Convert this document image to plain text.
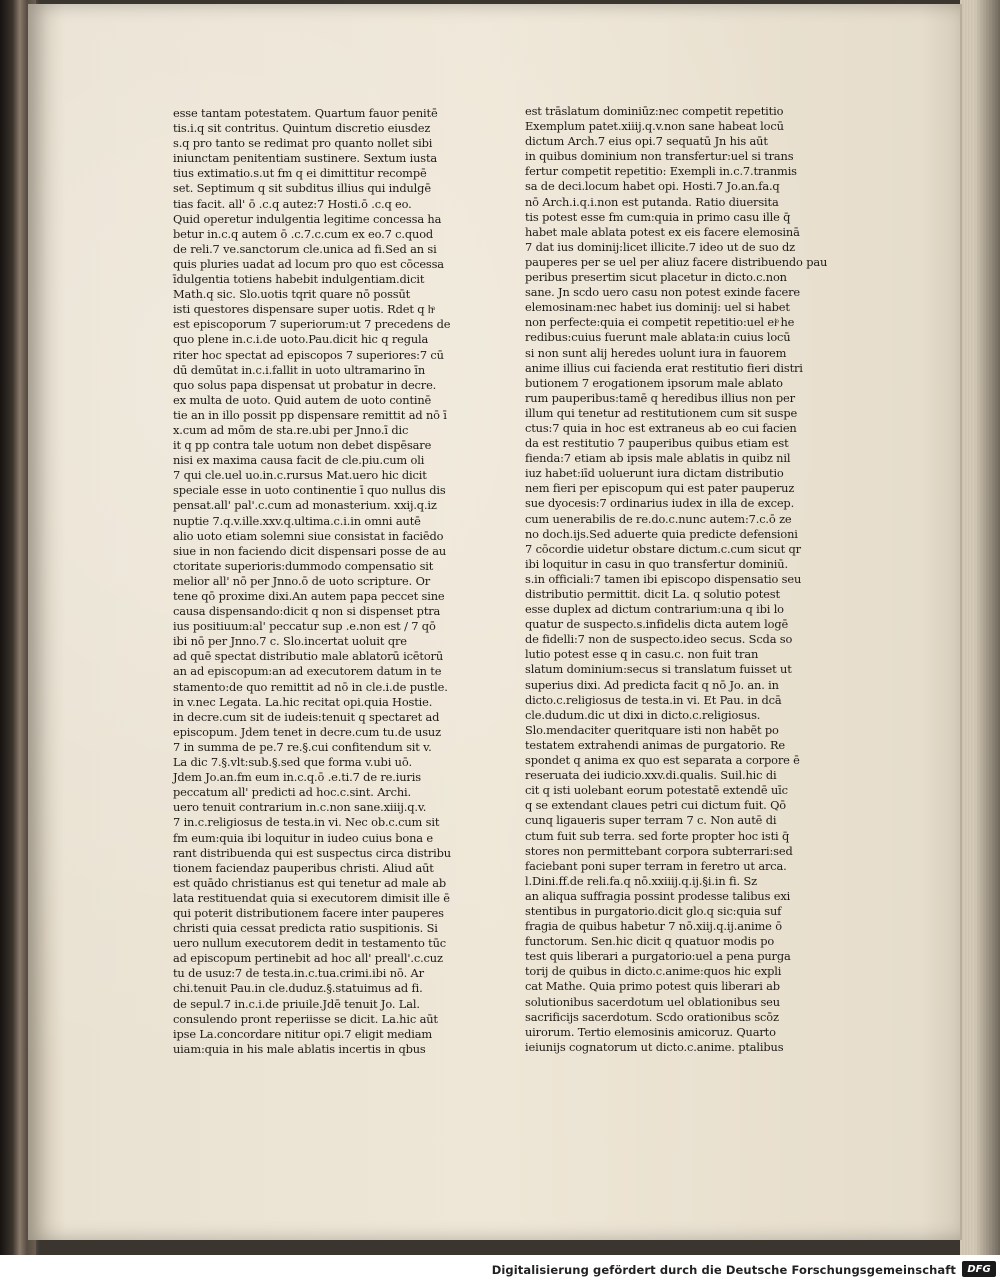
esse tantam potestatem. Quartum fauor penitē
tis.i.q sit contritus. Quintum discretio eiusdez
s.q pro tanto se redimat pro quanto nollet sibi
iniunctam penitentiam sustinere. Sextum iusta
tius extimatio.s.ut fm q ei dimittitur recompē
set. Septimum q sit subditus illius qui indulgē
tias facit. all' ō .c.q autez:7 Hosti.ō .c.q eo.
Quid operetur indulgentia legitime concessa ha
betur in.c.q autem ō .c.7.c.cum ex eo.7 c.quod
de reli.7 ve.sanctorum cle.unica ad fi.Sed an si
quis pluries uadat ad locum pro quo est cōcessa
īdulgentia totiens habebit indulgentiam.dicit
Math.q sic. Slo.uotis tqrit quare nō possūt
isti questores dispensare super uotis. Rdet q hͣ
est episcoporum 7 superiorum:ut 7 precedens de
quo plene in.c.i.de uoto.Pau.dicit hic q regula
riter hoc spectat ad episcopos 7 superiores:7 cū
dū demūtat in.c.i.fallit in uoto ultramarino īn
quo solus papa dispensat ut probatur in decre.
ex multa de uoto. Quid autem de uoto continē
tie an in illo possit pp dispensare remittit ad nō ī
x.cum ad mōm de sta.re.ubi per Jnno.ī dic
it q pp contra tale uotum non debet dispēsare
nisi ex maxima causa facit de cle.piu.cum oli
7 qui cle.uel uo.in.c.rursus Mat.uero hic dicit
speciale esse in uoto continentie ī quo nullus dis
pensat.all' pal'.c.cum ad monasterium. xxij.q.iz
nuptie 7.q.v.ille.xxv.q.ultima.c.i.in omni autē
alio uoto etiam solemni siue consistat in faciēdo
siue in non faciendo dicit dispensari posse de au
ctoritate superioris:dummodo compensatio sit
melior all' nō per Jnno.ō de uoto scripture. Or
tene qō proxime dixi.An autem papa peccet sine
causa dispensando:dicit q non si dispenset ptra
ius positiuum:al' peccatur sup .e.non est / 7 qō
ibi nō per Jnno.7 c. Slo.incertat uoluit qre
ad quē spectat distributio male ablatorū icētorū
an ad episcopum:an ad executorem datum in te
stamento:de quo remittit ad nō in cle.i.de pustle.
in v.nec Legata. La.hic recitat opi.quia Hostie.
in decre.cum sit de iudeis:tenuit q spectaret ad
episcopum. Jdem tenet in decre.cum tu.de usuz
7 in summa de pe.7 re.§.cui confitendum sit v.
La dic 7.§.vlt:sub.§.sed que forma v.ubi uō.
Jdem Jo.an.fm eum in.c.q.ō .e.ti.7 de re.iuris
peccatum all' predicti ad hoc.c.sint. Archi.
uero tenuit contrarium in.c.non sane.xiiij.q.v.
7 in.c.religiosus de testa.in vi. Nec ob.c.cum sit
fm eum:quia ibi loquitur in iudeo cuius bona e
rant distribuenda qui est suspectus circa distribu
tionem faciendaz pauperibus christi. Aliud aūt
est quādo christianus est qui tenetur ad male ab
lata restituendat quia si executorem dimisit ille ē
qui poterit distributionem facere inter pauperes
christi quia cessat predicta ratio suspitionis. Si
uero nullum executorem dedit in testamento tūc
ad episcopum pertinebit ad hoc all' preall'.c.cuz
tu de usuz:7 de testa.in.c.tua.crimi.ibi nō. Ar
chi.tenuit Pau.in cle.duduz.§.statuimus ad fi.
de sepul.7 in.c.i.de priuile.Jdē tenuit Jo. Lal.
consulendo pront reperiisse se dicit. La.hic aūt
ipse La.concordare nititur opi.7 eligit mediam
uiam:quia in his male ablatis incertis in qbus
est trāslatum dominiūz:nec competit repetitio
Exemplum patet.xiiij.q.v.non sane habeat locū
dictum Arch.7 eius opi.7 sequatū Jn his aūt
in quibus dominium non transfertur:uel si trans
fertur competit repetitio: Exempli in.c.7.tranmis
sa de deci.locum habet opi. Hosti.7 Jo.an.fa.q
nō Arch.i.q.i.non est putanda. Ratio diuersita
tis potest esse fm cum:quia in primo casu ille q̄
habet male ablata potest ex eis facere elemosinā
7 dat ius dominij:licet illicite.7 ideo ut de suo dz
pauperes per se uel per aliuz facere distribuendo pau
peribus presertim sicut placetur in dicto.c.non
sane. Jn scdo uero casu non potest exinde facere
elemosinam:nec habet ius dominij: uel si habet
non perfecte:quia ei competit repetitio:uel eiͦ he
redibus:cuius fuerunt male ablata:in cuius locū
si non sunt alij heredes uolunt iura in fauorem
anime illius cui facienda erat restitutio fieri distri
butionem 7 erogationem ipsorum male ablato
rum pauperibus:tamē q heredibus illius non per
illum qui tenetur ad restitutionem cum sit suspe
ctus:7 quia in hoc est extraneus ab eo cui facien
da est restitutio 7 pauperibus quibus etiam est
fienda:7 etiam ab ipsis male ablatis in quibz nil
iuz habet:iīd uoluerunt iura dictam distributio
nem fieri per episcopum qui est pater pauperuz
sue dyocesis:7 ordinarius iudex in illa de excep.
cum uenerabilis de re.do.c.nunc autem:7.c.ō ze
no doch.ijs.Sed aduerte quia predicte defensioni
7 cōcordie uidetur obstare dictum.c.cum sicut qr
ibi loquitur in casu in quo transfertur dominiū.
s.in officiali:7 tamen ibi episcopo dispensatio seu
distributio permittit. dicit La. q solutio potest
esse duplex ad dictum contrarium:una q ibi lo
quatur de suspecto.s.infidelis dicta autem logē
de fidelli:7 non de suspecto.ideo secus. Scda so
lutio potest esse q in casu.c. non fuit tran
slatum dominium:secus si translatum fuisset ut
superius dixi. Ad predicta facit q nō Jo. an. in
dicto.c.religiosus de testa.in vi. Et Pau. in dcā
cle.dudum.dic ut dixi in dicto.c.religiosus.
Slo.mendaciter queritquare isti non habēt po
testatem extrahendi animas de purgatorio. Re
spondet q anima ex quo est separata a corpore ē
reseruata dei iudicio.xxv.di.qualis. Suil.hic di
cit q isti uolebant eorum potestatē extendē uīc
q se extendant claues petri cui dictum fuit. Qō
cunq ligaueris super terram 7 c. Non autē di
ctum fuit sub terra. sed forte propter hoc isti q̄
stores non permittebant corpora subterrari:sed
faciebant poni super terram in feretro ut arca.
l.Dini.ff.de reli.fa.q nō.xxiiij.q.ij.§i.in fi. Sz
an aliqua suffragia possint prodesse talibus exi
stentibus in purgatorio.dicit glo.q sic:quia suf
fragia de quibus habetur 7 nō.xiij.q.ij.anime ō
functorum. Sen.hic dicit q quatuor modis po
test quis liberari a purgatorio:uel a pena purga
torij de quibus in dicto.c.anime:quos hic expli
cat Mathe. Quia primo potest quis liberari ab
solutionibus sacerdotum uel oblationibus seu
sacrificijs sacerdotum. Scdo orationibus scōz
uirorum. Tertio elemosinis amicoruz. Quarto
ieiunijs cognatorum ut dicto.c.anime. ptalibus
Digitalisierung gefördert durch die Deutsche Forschungsgemeinschaft	DFG
